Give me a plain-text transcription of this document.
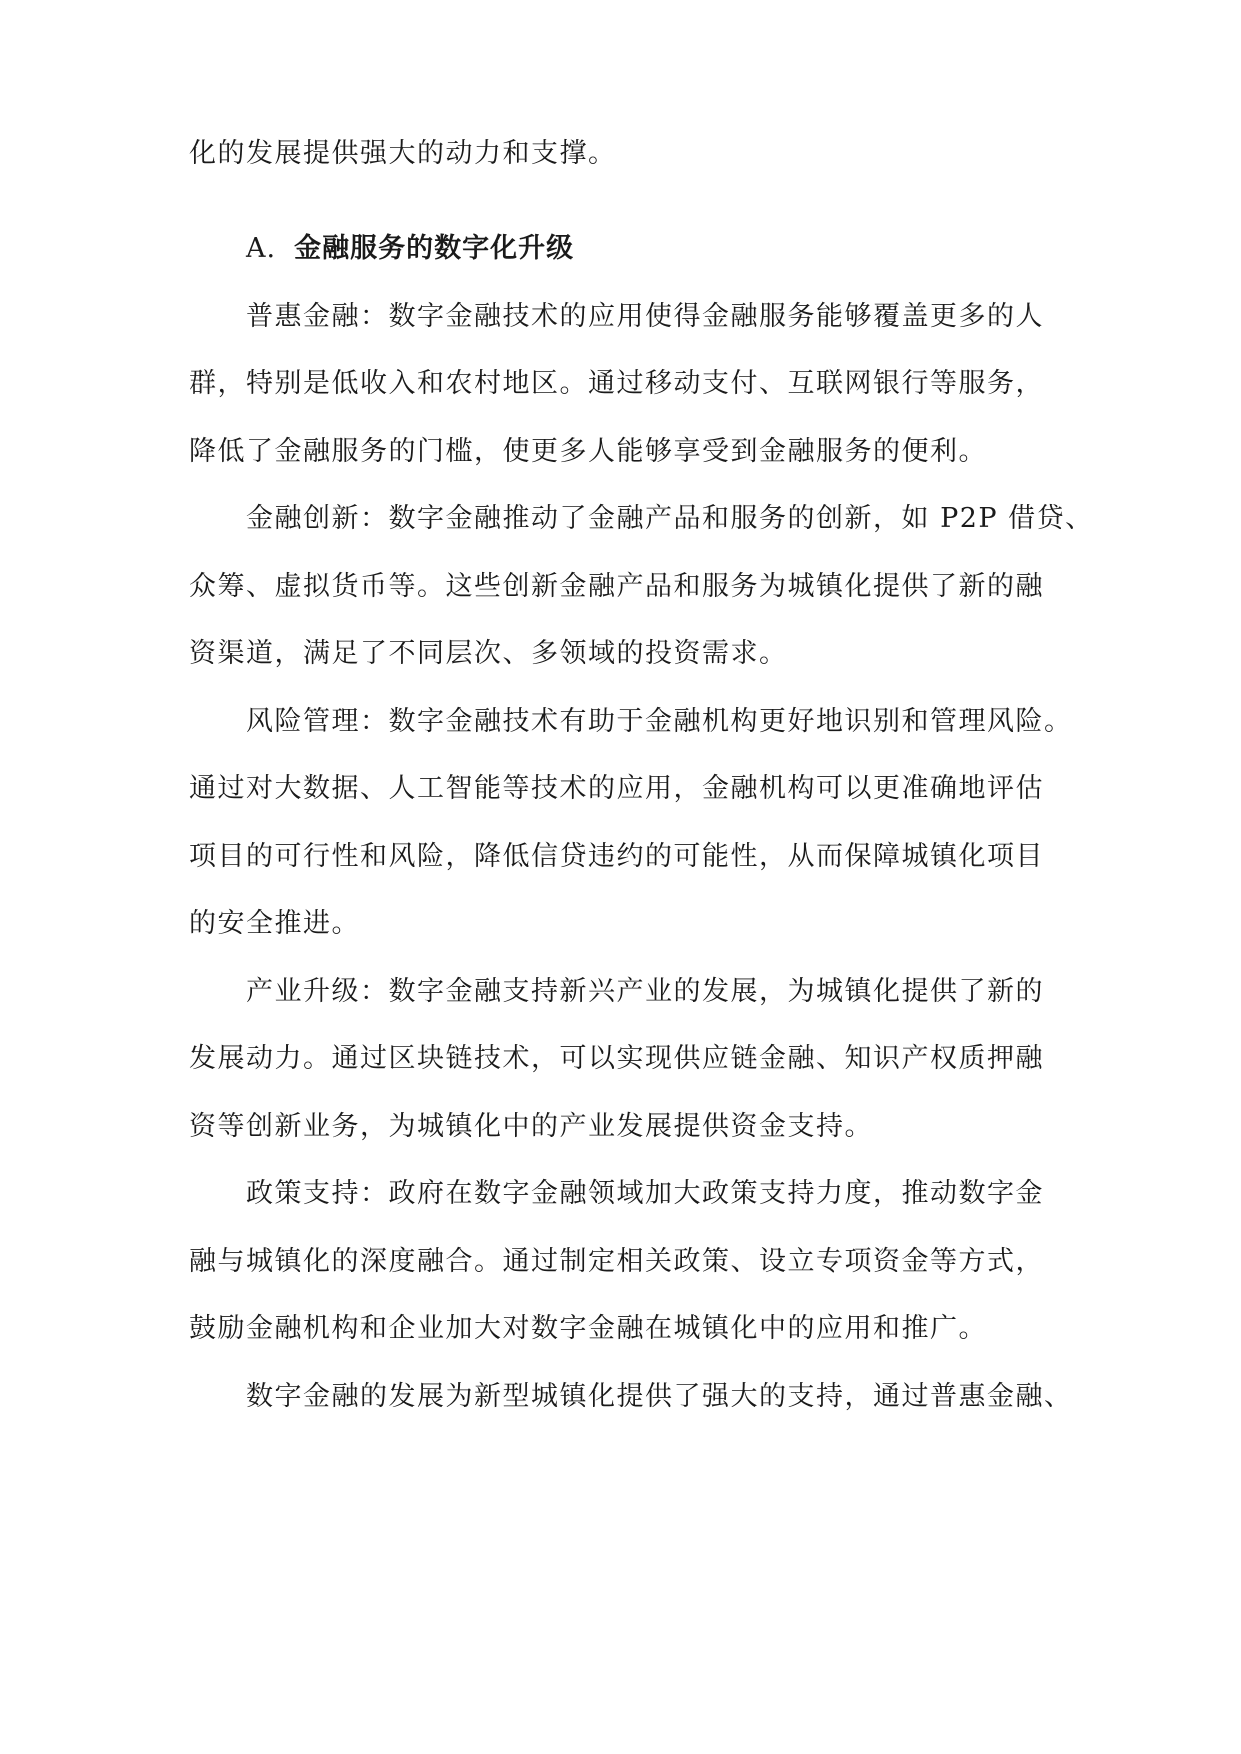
化的发展提供强大的动力和支撑。
A. 金融服务的数字化升级
普惠金融：数字金融技术的应用使得金融服务能够覆盖更多的人
群，特别是低收入和农村地区。通过移动支付、互联网银行等服务，
降低了金融服务的门槛，使更多人能够享受到金融服务的便利。
金融创新：数字金融推动了金融产品和服务的创新，如 P2P 借贷、
众筹、虚拟货币等。这些创新金融产品和服务为城镇化提供了新的融
资渠道，满足了不同层次、多领域的投资需求。
风险管理：数字金融技术有助于金融机构更好地识别和管理风险。
通过对大数据、人工智能等技术的应用，金融机构可以更准确地评估
项目的可行性和风险，降低信贷违约的可能性，从而保障城镇化项目
的安全推进。
产业升级：数字金融支持新兴产业的发展，为城镇化提供了新的
发展动力。通过区块链技术，可以实现供应链金融、知识产权质押融
资等创新业务，为城镇化中的产业发展提供资金支持。
政策支持：政府在数字金融领域加大政策支持力度，推动数字金
融与城镇化的深度融合。通过制定相关政策、设立专项资金等方式，
鼓励金融机构和企业加大对数字金融在城镇化中的应用和推广。
数字金融的发展为新型城镇化提供了强大的支持，通过普惠金融、
